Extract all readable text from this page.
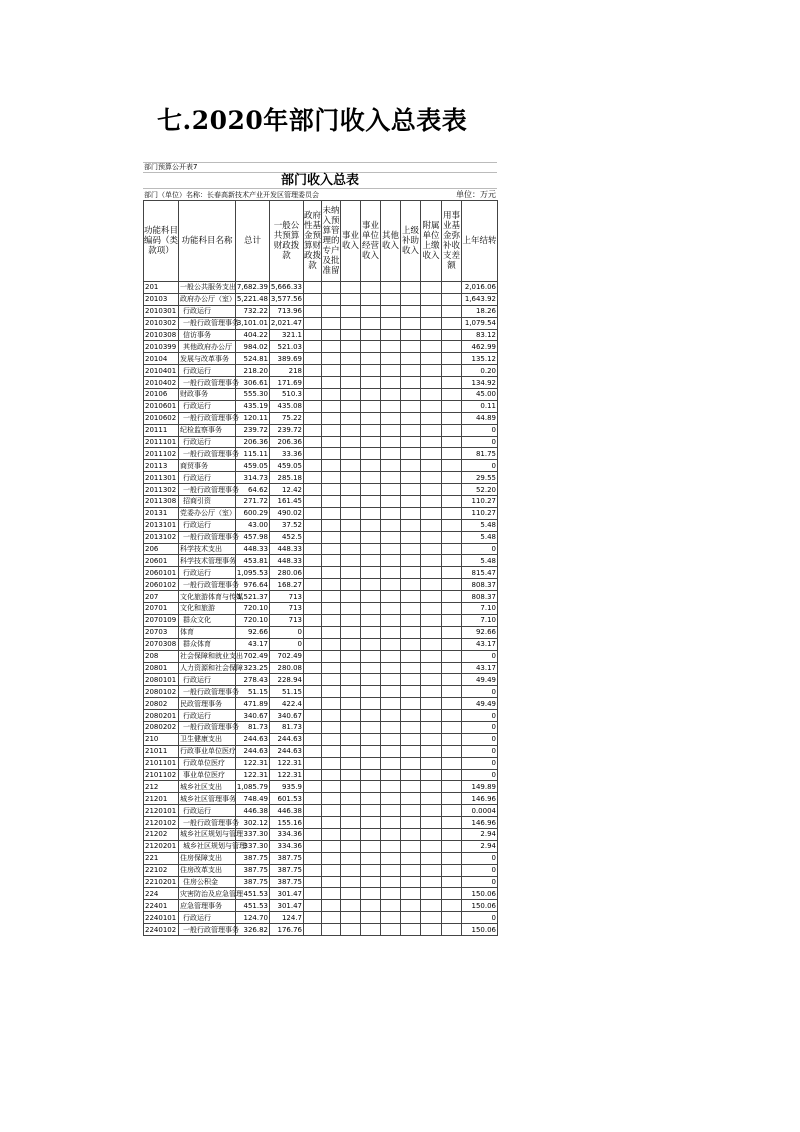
七.2020年部门收入总表表
部门预算公开表7
部门收入总表
部门（单位）名称：长春高新技术产业开发区管理委员会	单位：万元
功能科目编码（类款项）	功能科目名称	总计	一般公共预算财政拨款	政府性基金预算财政拨款	未纳入预算管理的专户及批准留	事业收入	事业单位经营收入	其他收入	上级补助收入	附属单位上缴收入	用事业基金弥补收支差额	上年结转
201	一般公共服务支出	7,682.39	5,666.33									2,016.06
20103	政府办公厅（室）	5,221.48	3,577.56									1,643.92
2010301	行政运行	732.22	713.96									18.26
2010302	一般行政管理事务	3,101.01	2,021.47									1,079.54
2010308	信访事务	404.22	321.1									83.12
2010399	其他政府办公厅	984.02	521.03									462.99
20104	发展与改革事务	524.81	389.69									135.12
2010401	行政运行	218.20	218									0.20
2010402	一般行政管理事务	306.61	171.69									134.92
20106	财政事务	555.30	510.3									45.00
2010601	行政运行	435.19	435.08									0.11
2010602	一般行政管理事务	120.11	75.22									44.89
20111	纪检监察事务	239.72	239.72									0
2011101	行政运行	206.36	206.36									0
2011102	一般行政管理事务	115.11	33.36									81.75
20113	商贸事务	459.05	459.05									0
2011301	行政运行	314.73	285.18									29.55
2011302	一般行政管理事务	64.62	12.42									52.20
2011308	招商引资	271.72	161.45									110.27
20131	党委办公厅（室）	600.29	490.02									110.27
2013101	行政运行	43.00	37.52									5.48
2013102	一般行政管理事务	457.98	452.5									5.48
206	科学技术支出	448.33	448.33									0
20601	科学技术管理事务	453.81	448.33									5.48
2060101	行政运行	1,095.53	280.06									815.47
2060102	一般行政管理事务	976.64	168.27									808.37
207	文化旅游体育与传媒	1,521.37	713									808.37
20701	文化和旅游	720.10	713									7.10
2070109	群众文化	720.10	713									7.10
20703	体育	92.66	0									92.66
2070308	群众体育	43.17	0									43.17
208	社会保障和就业支出	702.49	702.49									0
20801	人力资源和社会保障	323.25	280.08									43.17
2080101	行政运行	278.43	228.94									49.49
2080102	一般行政管理事务	51.15	51.15									0
20802	民政管理事务	471.89	422.4									49.49
2080201	行政运行	340.67	340.67									0
2080202	一般行政管理事务	81.73	81.73									0
210	卫生健康支出	244.63	244.63									0
21011	行政事业单位医疗	244.63	244.63									0
2101101	行政单位医疗	122.31	122.31									0
2101102	事业单位医疗	122.31	122.31									0
212	城乡社区支出	1,085.79	935.9									149.89
21201	城乡社区管理事务	748.49	601.53									146.96
2120101	行政运行	446.38	446.38									0.0004
2120102	一般行政管理事务	302.12	155.16									146.96
21202	城乡社区规划与管理	337.30	334.36									2.94
2120201	城乡社区规划与管理	337.30	334.36									2.94
221	住房保障支出	387.75	387.75									0
22102	住房改革支出	387.75	387.75									0
2210201	住房公积金	387.75	387.75									0
224	灾害防治及应急管理	451.53	301.47									150.06
22401	应急管理事务	451.53	301.47									150.06
2240101	行政运行	124.70	124.7									0
2240102	一般行政管理事务	326.82	176.76									150.06
